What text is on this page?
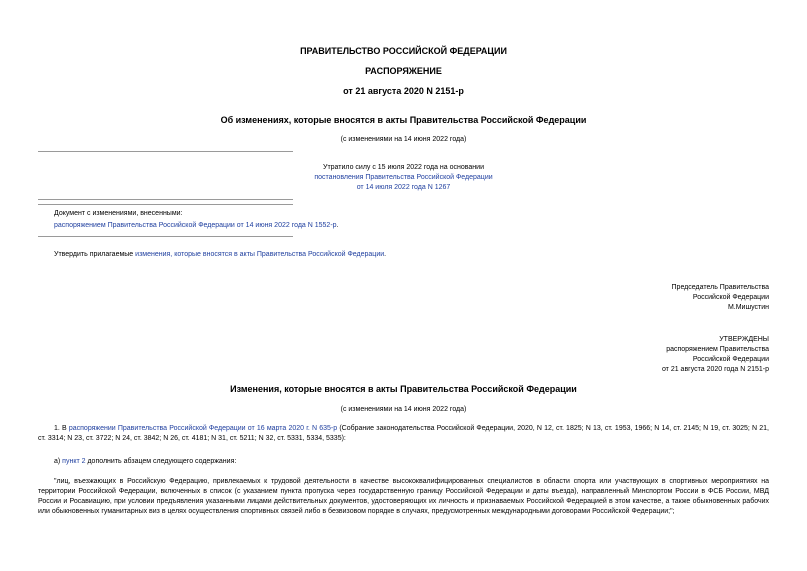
ПРАВИТЕЛЬСТВО РОССИЙСКОЙ ФЕДЕРАЦИИ
РАСПОРЯЖЕНИЕ
от 21 августа 2020 N 2151-р
Об изменениях, которые вносятся в акты Правительства Российской Федерации
(с изменениями на 14 июня 2022 года)
Утратило силу с 15 июля 2022 года на основании
постановления Правительства Российской Федерации
от 14 июля 2022 года N 1267
Документ с изменениями, внесенными:
распоряжением Правительства Российской Федерации от 14 июня 2022 года N 1552-р.
Утвердить прилагаемые изменения, которые вносятся в акты Правительства Российской Федерации.
Председатель Правительства
Российской Федерации
М.Мишустин
УТВЕРЖДЕНЫ
распоряжением Правительства
Российской Федерации
от 21 августа 2020 года N 2151-р
Изменения, которые вносятся в акты Правительства Российской Федерации
(с изменениями на 14 июня 2022 года)
1. В распоряжении Правительства Российской Федерации от 16 марта 2020 г. N 635-р (Собрание законодательства Российской Федерации, 2020, N 12, ст. 1825; N 13, ст. 1953, 1966; N 14, ст. 2145; N 19, ст. 3025; N 21, ст. 3314; N 23, ст. 3722; N 24, ст. 3842; N 26, ст. 4181; N 31, ст. 5211; N 32, ст. 5331, 5334, 5335):
а) пункт 2 дополнить абзацем следующего содержания:
"лиц, въезжающих в Российскую Федерацию, привлекаемых к трудовой деятельности в качестве высококвалифицированных специалистов в области спорта или участвующих в спортивных мероприятиях на территории Российской Федерации, включенных в список (с указанием пункта пропуска через государственную границу Российской Федерации и даты въезда), направленный Минспортом России в ФСБ России, МВД России и Росавиацию, при условии предъявления указанными лицами действительных документов, удостоверяющих их личность и признаваемых Российской Федерацией в этом качестве, а также обыкновенных рабочих или обыкновенных гуманитарных виз в целях осуществления спортивных связей либо в безвизовом порядке в случаях, предусмотренных международными договорами Российской Федерации;";
